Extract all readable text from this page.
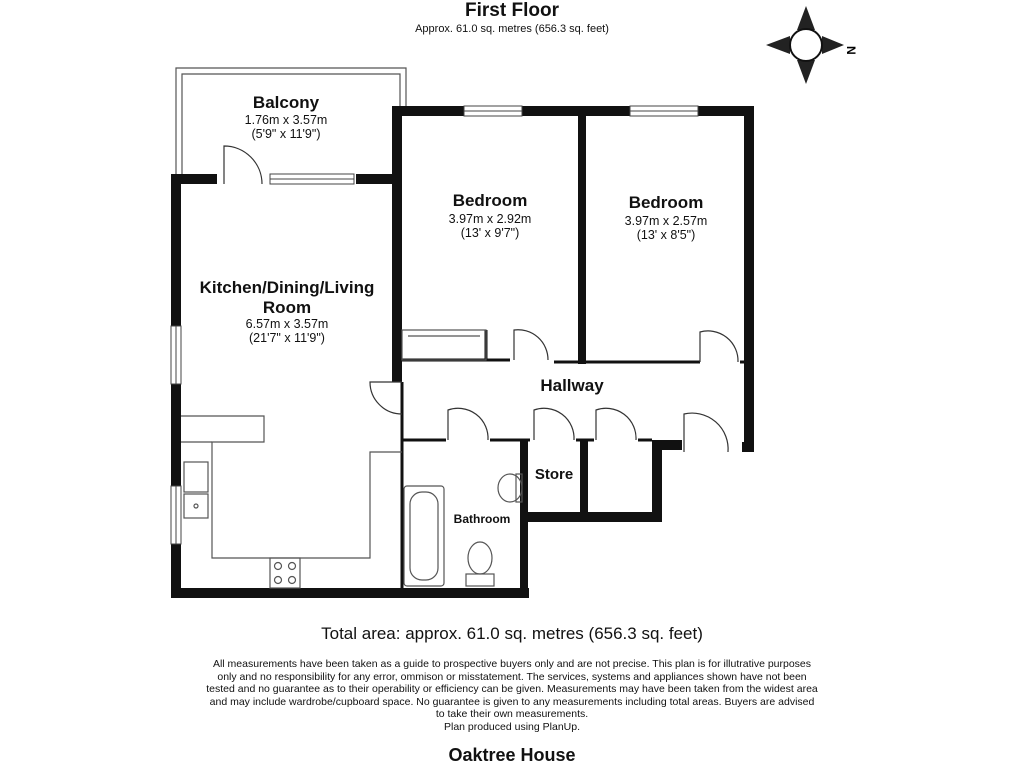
First Floor
Approx. 61.0 sq. metres (656.3 sq. feet)
N
Balcony
1.76m x 3.57m
(5'9" x 11'9")
Bedroom
3.97m x 2.92m
(13' x 9'7")
Bedroom
3.97m x 2.57m
(13' x 8'5")
Kitchen/Dining/Living
Room
6.57m x 3.57m
(21'7" x 11'9")
Hallway
Store
Bathroom
Total area: approx. 61.0 sq. metres (656.3 sq. feet)
All measurements have been taken as a guide to prospective buyers only and are not precise. This plan is for illutrative purposes
only and no responsibility for any error, ommison or misstatement. The services, systems and appliances shown have not been
tested and no guarantee as to their operability or efficiency can be given. Measurements may have been taken from the widest area
and may include wardrobe/cupboard space. No guarantee is given to any measurements including total areas. Buyers are advised
to take their own measurements.
Plan produced using PlanUp.
Oaktree House
